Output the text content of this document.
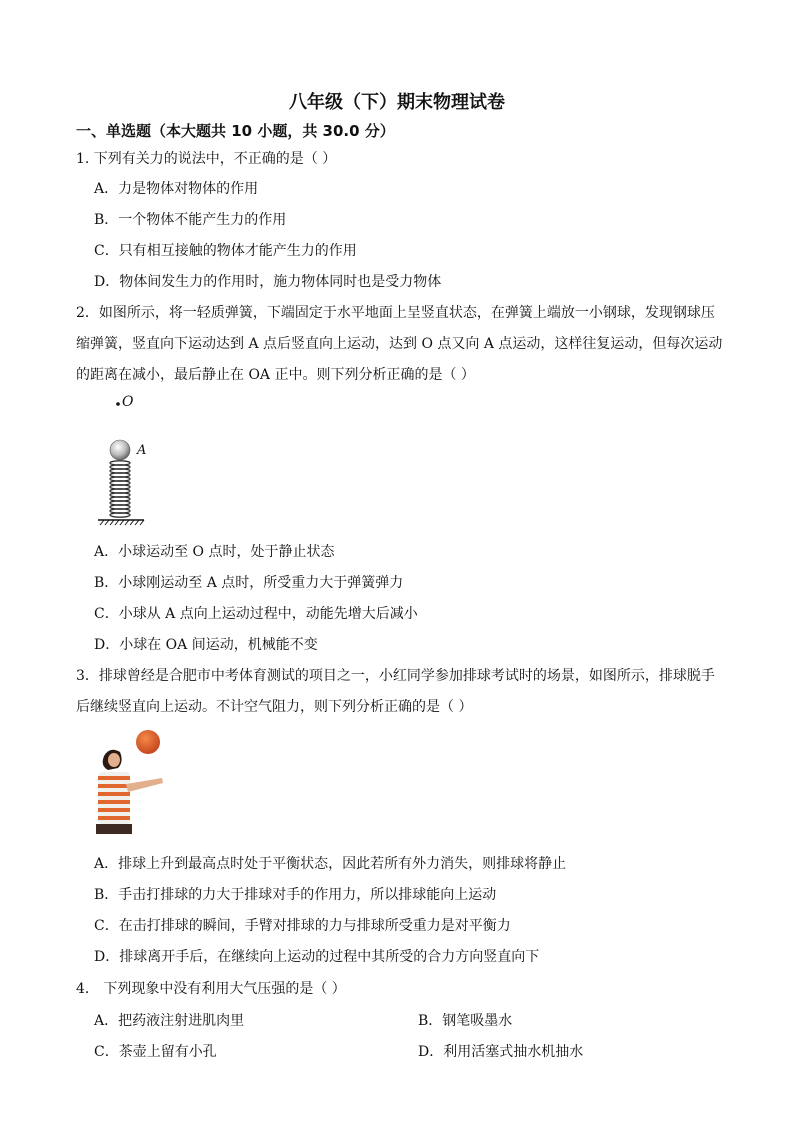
八年级（下）期末物理试卷
一、单选题（本大题共 10 小题，共 30.0 分）
1. 下列有关力的说法中，不正确的是（ ）
A．力是物体对物体的作用
B．一个物体不能产生力的作用
C．只有相互接触的物体才能产生力的作用
D．物体间发生力的作用时，施力物体同时也是受力物体
2．如图所示，将一轻质弹簧，下端固定于水平地面上呈竖直状态，在弹簧上端放一小钢球，发现钢球压
缩弹簧，竖直向下运动达到 A 点后竖直向上运动，达到 O 点又向 A 点运动，这样往复运动，但每次运动
的距离在减小，最后静止在 OA 正中。则下列分析正确的是（ ）
O
A
A．小球运动至 O 点时，处于静止状态
B．小球刚运动至 A 点时，所受重力大于弹簧弹力
C．小球从 A 点向上运动过程中，动能先增大后减小
D．小球在 OA 间运动，机械能不变
3．排球曾经是合肥市中考体育测试的项目之一，小红同学参加排球考试时的场景，如图所示，排球脱手
后继续竖直向上运动。不计空气阻力，则下列分析正确的是（ ）
A．排球上升到最高点时处于平衡状态，因此若所有外力消失，则排球将静止
B．手击打排球的力大于排球对手的作用力，所以排球能向上运动
C．在击打排球的瞬间，手臂对排球的力与排球所受重力是对平衡力
D．排球离开手后，在继续向上运动的过程中其所受的合力方向竖直向下
4． 下列现象中没有利用大气压强的是（ ）
A．把药液注射进肌肉里	B．钢笔吸墨水
C．茶壶上留有小孔	D．利用活塞式抽水机抽水
